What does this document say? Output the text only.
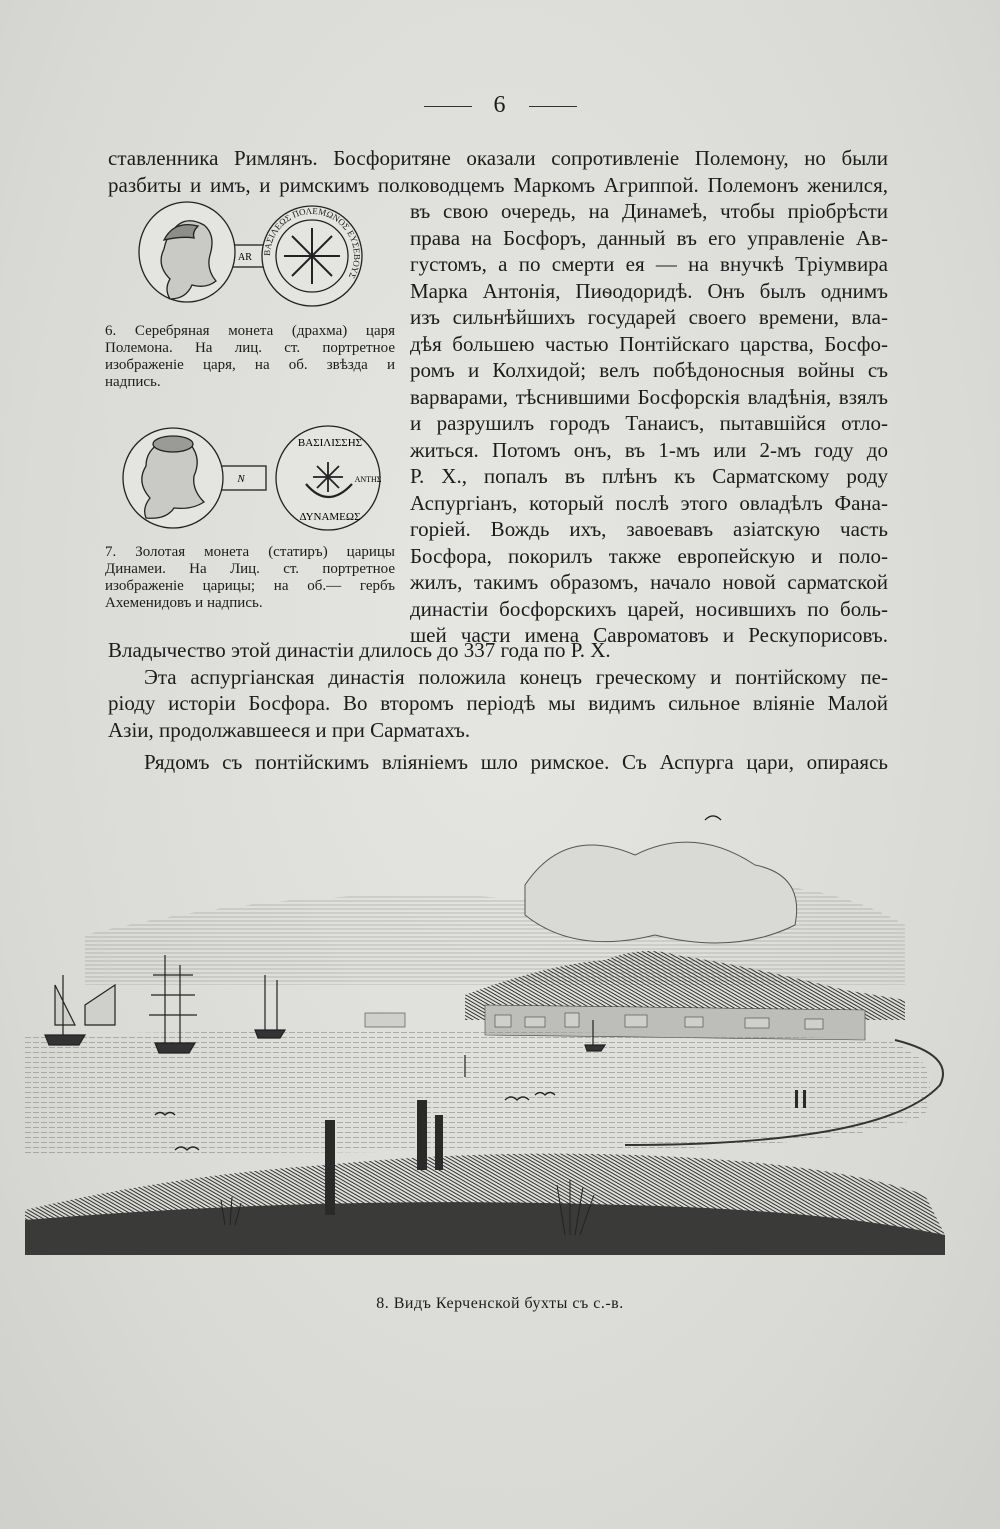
6
ставленника Римлянъ. Босфоритяне оказали сопротивленіе Полемону, но были
разбиты и имъ, и римскимъ полководцемъ Маркомъ Агриппой. Полемонъ женился,
въ свою очередь, на Динамеѣ, чтобы пріобрѣсти
права на Босфоръ, данный въ его управленіе Ав-
густомъ, а по смерти ея — на внучкѣ Тріумвира
Марка Антонія, Пиѳодоридѣ. Онъ былъ однимъ
изъ сильнѣйшихъ государей своего времени, вла-
дѣя большею частью Понтійскаго царства, Босфо-
ромъ и Колхидой; велъ побѣдоносныя войны съ
варварами, тѣснившими Босфорскія владѣнія, взялъ
и разрушилъ городъ Танаисъ, пытавшійся отло-
житься. Потомъ онъ, въ 1-мъ или 2-мъ году до
Р. Х., попалъ въ плѣнъ къ Сарматскому роду
Аспургіанъ, который послѣ этого овладѣлъ Фана-
горіей. Вождь ихъ, завоевавъ азіатскую часть
Босфора, покорилъ также европейскую и поло-
жилъ, такимъ образомъ, начало новой сарматской
династіи босфорскихъ царей, носившихъ по боль-
шей части имена Савроматовъ и Рескупорисовъ.
AR ΒΑΣΙΛΕΩΣ ΠΟΛΕΜΩΝΟΣ ΕΥΣΕΒΟΥΣ
6. Серебряная монета (драхма) царя
Полемона. На лиц. ст. портретное
изображеніе царя, на об. звѣзда и
надпись.
N
ΒΑΣΙΛΙΣΣΗΣ
ΑΝΤΗΣ
ΔΥΝΑΜΕΩΣ
7. Золотая монета (статиръ) царицы
Динамеи. На Лиц. ст. портретное
изображеніе царицы; на об.— гербъ
Ахеменидовъ и надпись.
Владычество этой династіи длилось до 337 года по Р. Х.
Эта аспургіанская династія положила конецъ греческому и понтійскому пе-
ріоду исторіи Босфора. Во второмъ періодѣ мы видимъ сильное вліяніе Малой
Азіи, продолжавшееся и при Сарматахъ.
Рядомъ съ понтійскимъ вліяніемъ шло римское. Съ Аспурга цари, опираясь
8. Видъ Керченской бухты съ с.-в.
